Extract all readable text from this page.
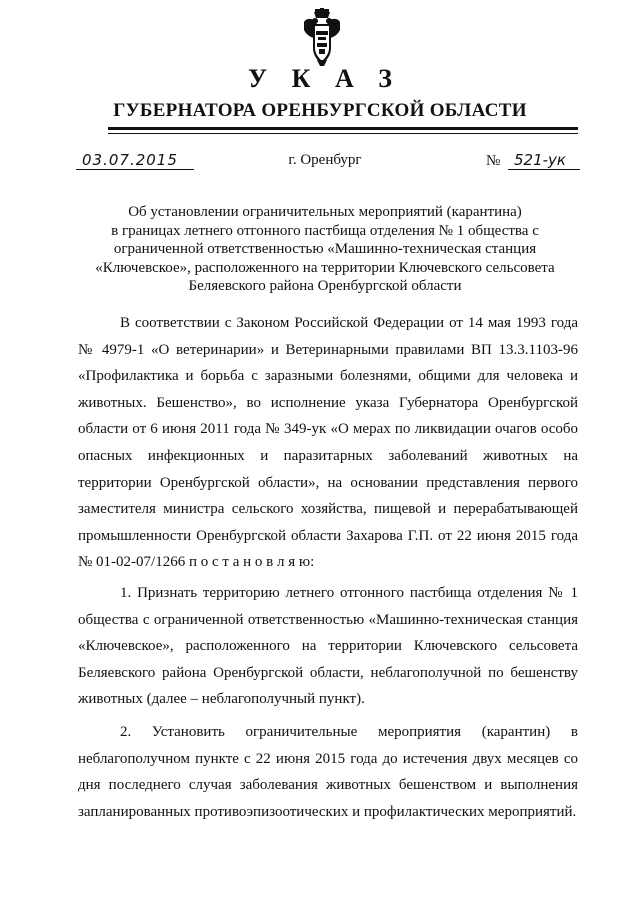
У К А З
ГУБЕРНАТОРА ОРЕНБУРГСКОЙ ОБЛАСТИ
03.07.2015	г. Оренбург	№ 521-ук
Об установлении ограничительных мероприятий (карантина)
в границах летнего отгонного пастбища отделения № 1 общества с
ограниченной ответственностью «Машинно-техническая станция
«Ключевское», расположенного на территории Ключевского сельсовета
Беляевского района Оренбургской области

В соответствии с Законом Российской Федерации от 14 мая 1993 года № 4979-1 «О ветеринарии» и Ветеринарными правилами ВП 13.3.1103-96 «Профилактика и борьба с заразными болезнями, общими для человека и животных. Бешенство», во исполнение указа Губернатора Оренбургской области от 6 июня 2011 года № 349-ук «О мерах по ликвидации очагов особо опасных инфекционных и паразитарных заболеваний животных на территории Оренбургской области», на основании представления первого заместителя министра сельского хозяйства, пищевой и перерабатывающей промышленности Оренбургской области Захарова Г.П. от 22 июня 2015 года № 01-02-07/1266 п о с т а н о в л я ю:

1. Признать территорию летнего отгонного пастбища отделения № 1 общества с ограниченной ответственностью «Машинно-техническая станция «Ключевское», расположенного на территории Ключевского сельсовета Беляевского района Оренбургской области, неблагополучной по бешенству животных (далее – неблагополучный пункт).

2. Установить ограничительные мероприятия (карантин) в неблагополучном пункте с 22 июня 2015 года до истечения двух месяцев со дня последнего случая заболевания животных бешенством и выполнения запланированных противоэпизоотических и профилактических мероприятий.
